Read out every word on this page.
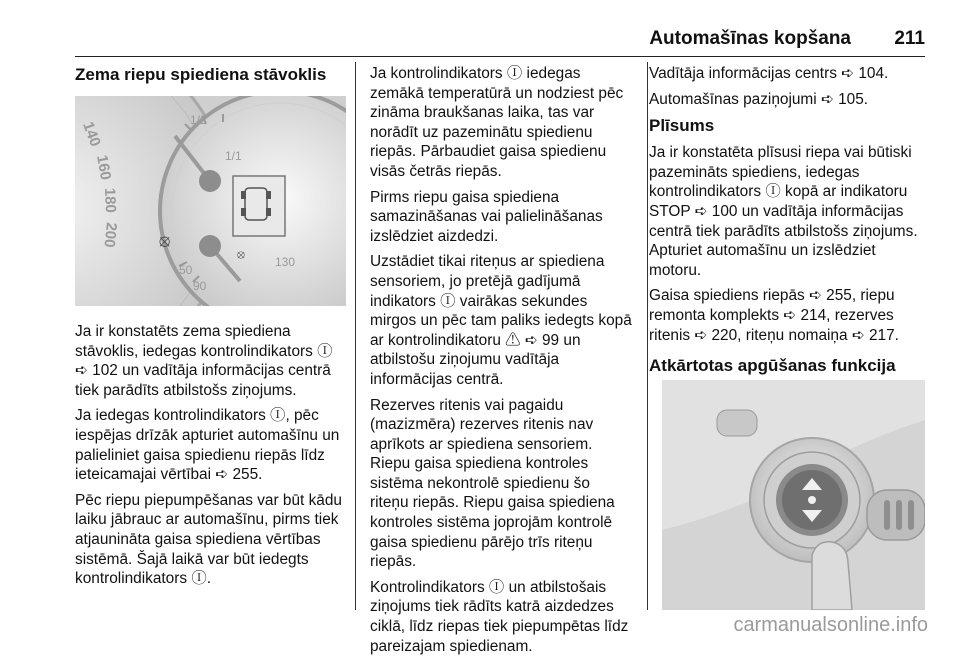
Automašīnas kopšana 211
Zema riepu spiediena stāvoklis
⦻
⦻
140
160
180
200
1/1
1/2
50
90
130

Ja ir konstatēts zema spiediena stāvoklis, iedegas kontrolindikators Ⓘ ➪ 102 un vadītāja informācijas centrā tiek parādīts atbilstošs ziņojums.

Ja iedegas kontrolindikators Ⓘ, pēc iespējas drīzāk apturiet automašīnu un palieliniet gaisa spiedienu riepās līdz ieteicamajai vērtībai ➪ 255.

Pēc riepu piepumpēšanas var būt kādu laiku jābrauc ar automašīnu, pirms tiek atjaunināta gaisa spiediena vērtības sistēmā. Šajā laikā var būt iedegts kontrolindikators Ⓘ.

Ja kontrolindikators Ⓘ iedegas zemākā temperatūrā un nodziest pēc zināma braukšanas laika, tas var norādīt uz pazeminātu spiedienu riepās. Pārbaudiet gaisa spiedienu visās četrās riepās.

Pirms riepu gaisa spiediena samazināšanas vai palielināšanas izslēdziet aizdedzi.

Uzstādiet tikai riteņus ar spiediena sensoriem, jo pretējā gadījumā indikators Ⓘ vairākas sekundes mirgos un pēc tam paliks iedegts kopā ar kontrolindikatoru ⚠ ➪ 99 un atbilstošu ziņojumu vadītāja informācijas centrā.

Rezerves ritenis vai pagaidu (mazizmēra) rezerves ritenis nav aprīkots ar spiediena sensoriem. Riepu gaisa spiediena kontroles sistēma nekontrolē spiedienu šo riteņu riepās. Riepu gaisa spiediena kontroles sistēma joprojām kontrolē gaisa spiedienu pārējo trīs riteņu riepās.

Kontrolindikators Ⓘ un atbilstošais ziņojums tiek rādīts katrā aizdedzes ciklā, līdz riepas tiek piepumpētas līdz pareizajam spiedienam.

Vadītāja informācijas centrs ➪ 104.

Automašīnas paziņojumi ➪ 105.

Plīsums

Ja ir konstatēta plīsusi riepa vai būtiski pazemināts spiediens, iedegas kontrolindikators Ⓘ kopā ar indikatoru STOP ➪ 100 un vadītāja informācijas centrā tiek parādīts atbilstošs ziņojums. Apturiet automašīnu un izslēdziet motoru.

Gaisa spiediens riepās ➪ 255, riepu remonta komplekts ➪ 214, rezerves ritenis ➪ 220, riteņu nomaiņa ➪ 217.

Atkārtotas apgūšanas funkcija
carmanualsonline.info
